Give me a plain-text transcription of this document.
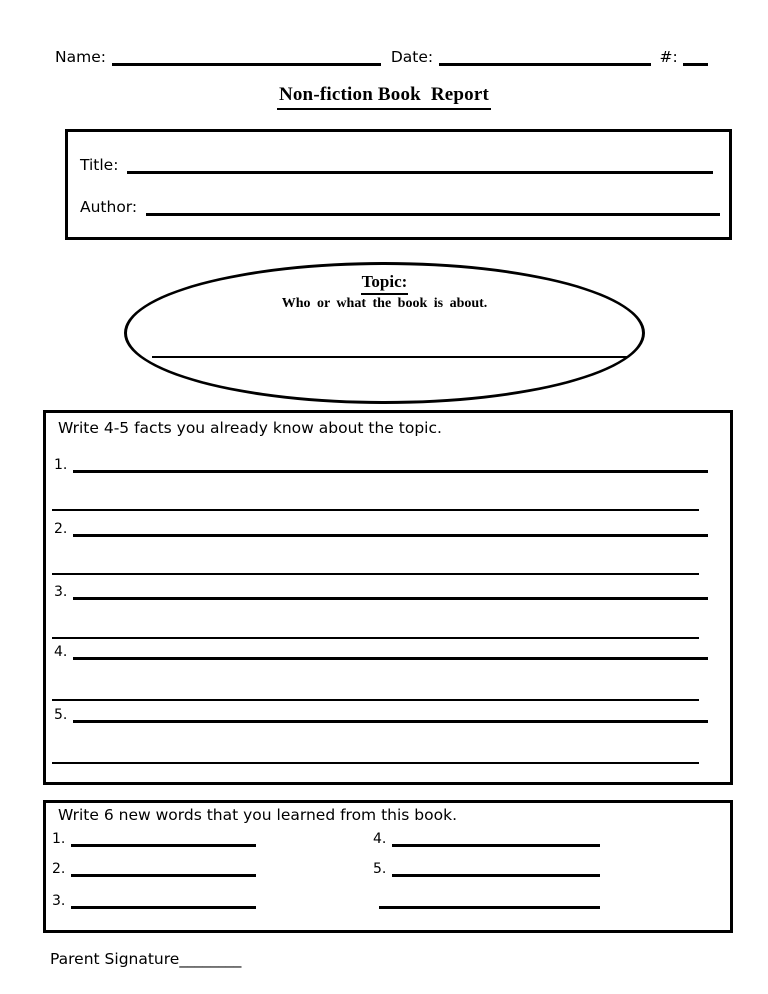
Name:	Date:	#:
Non-fiction Book  Report
Title:
Author:
Topic:
Who or what the book is about.
Write 4-5 facts you already know about the topic.
1.
2.
3.
4.
5.
Write 6 new words that you learned from this book.
1.
2.
3.
4.
5.
Parent Signature________
